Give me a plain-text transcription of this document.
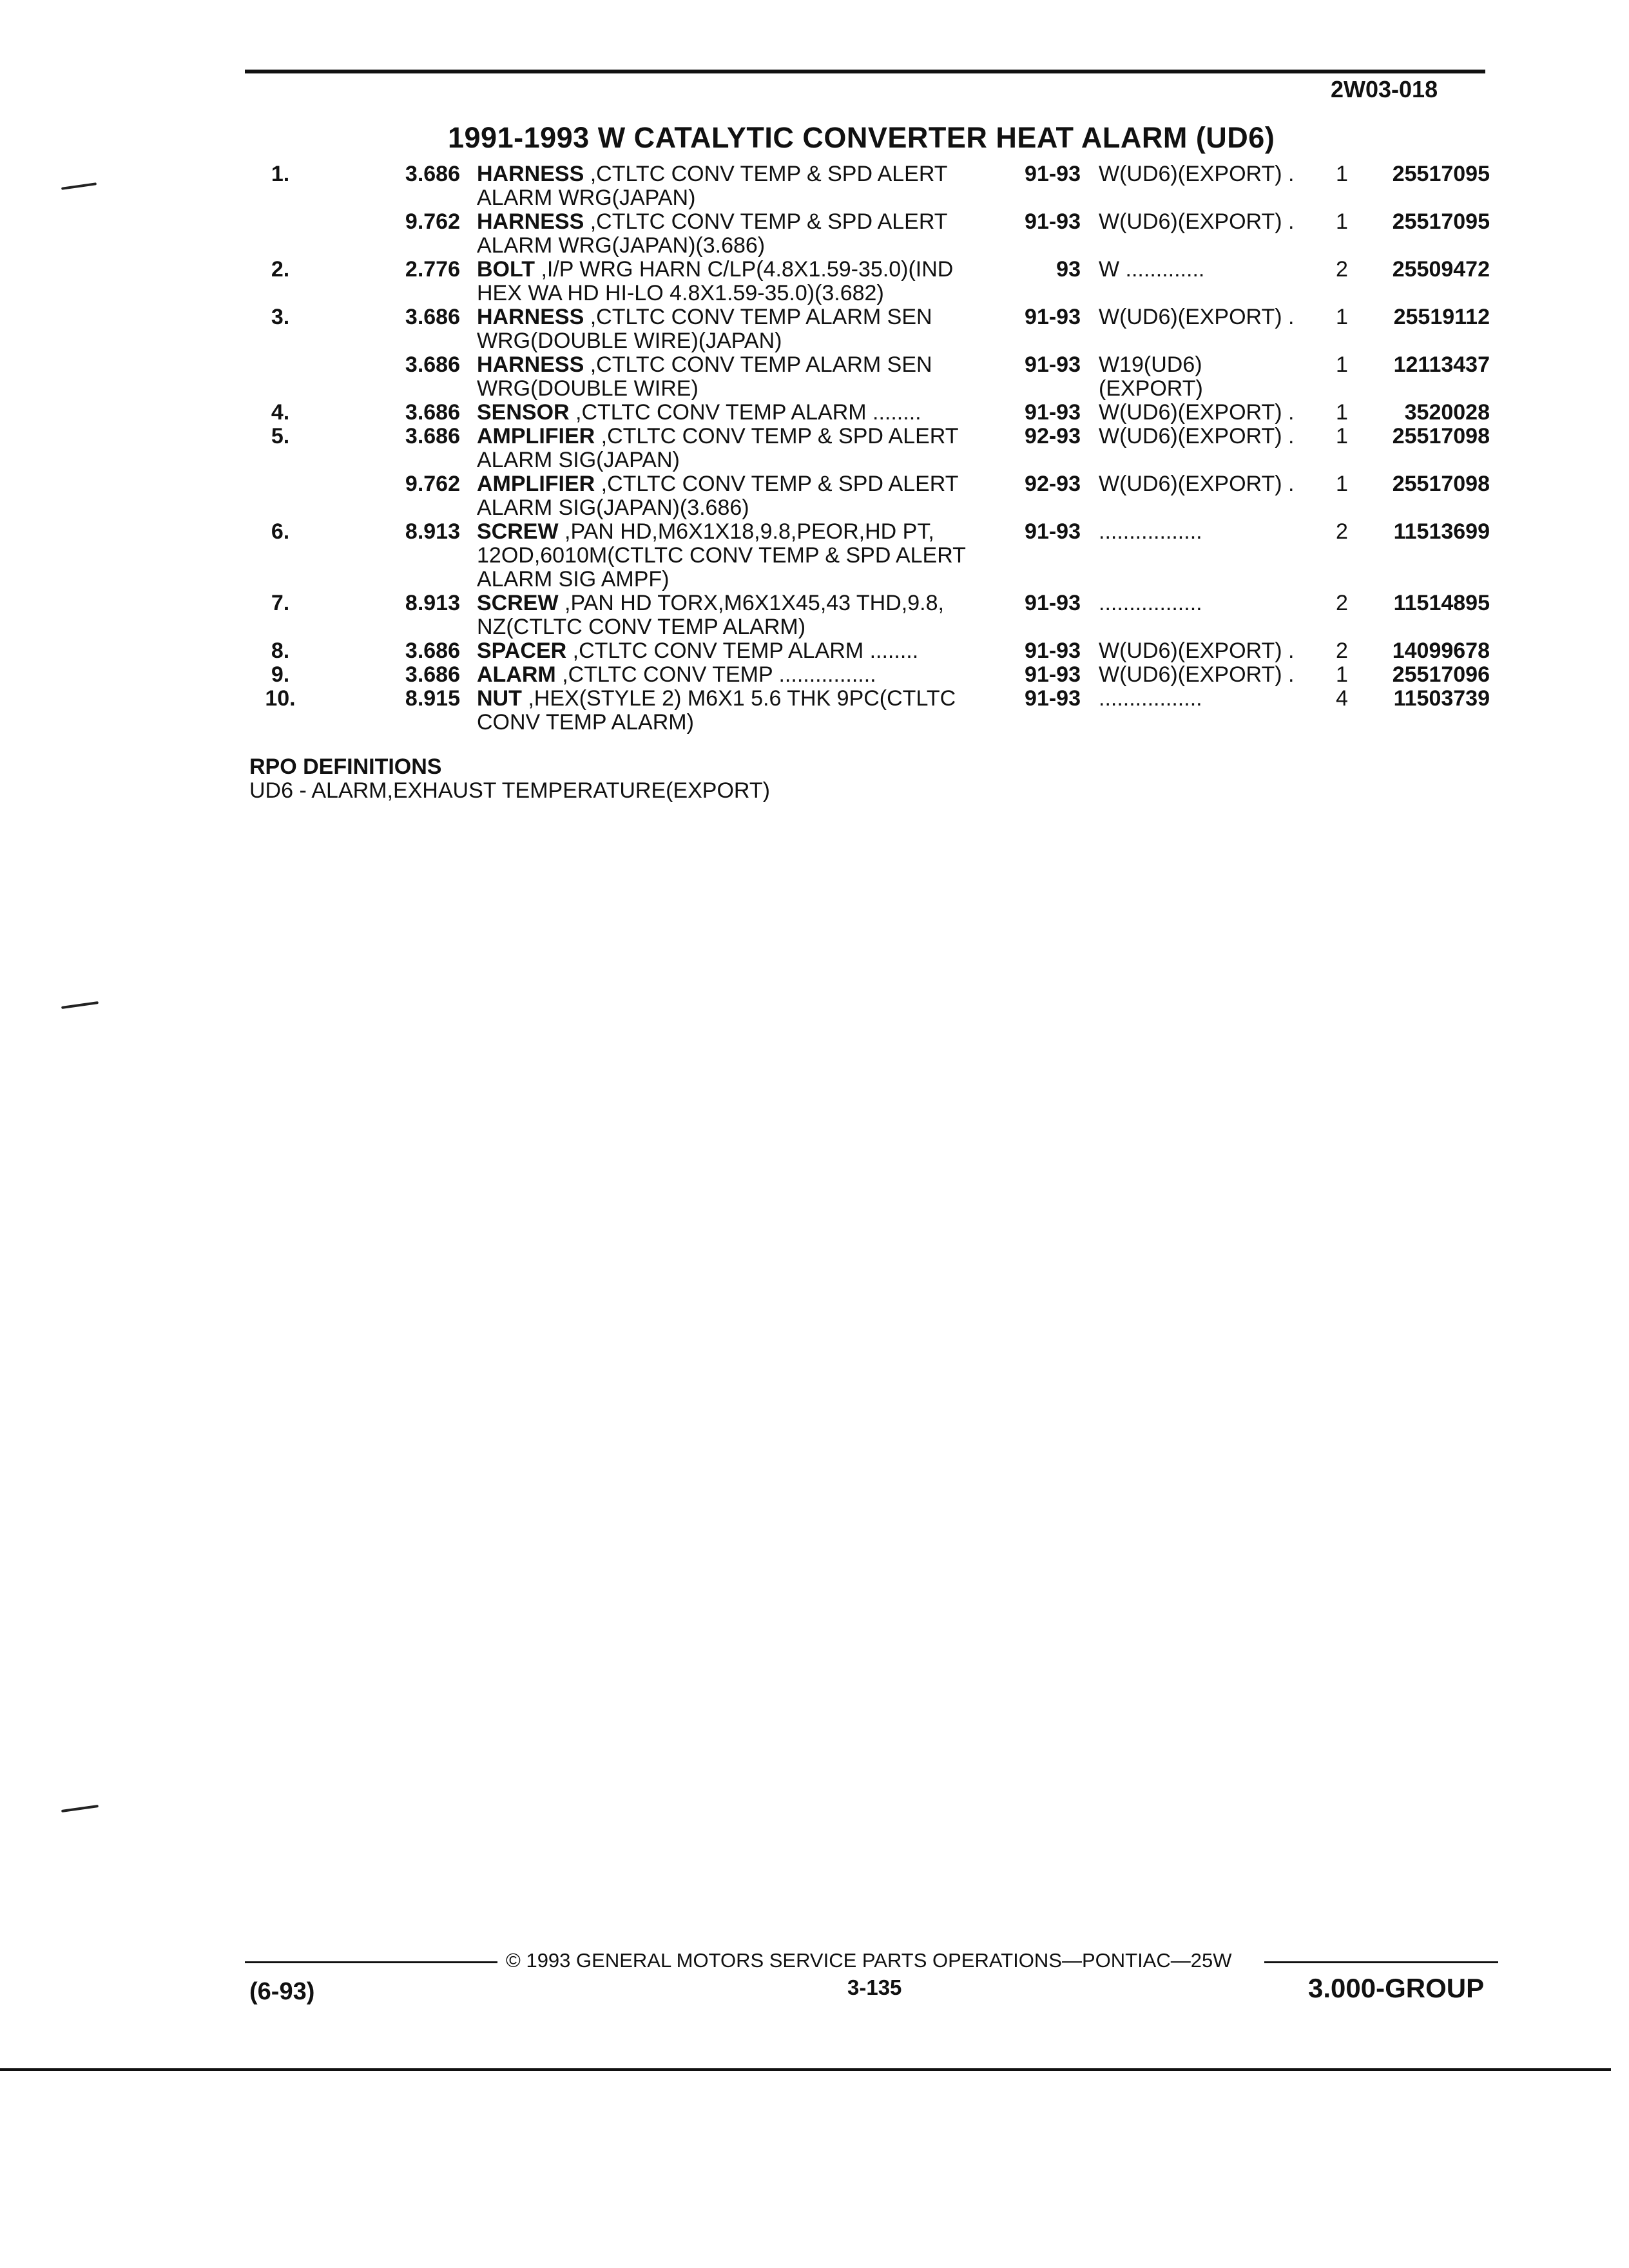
2W03-018
1991-1993 W CATALYTIC CONVERTER HEAT ALARM (UD6)
1.	3.686 HARNESS ,CTLTC CONV TEMP & SPD ALERT
ALARM WRG(JAPAN)
91-93 W(UD6)(EXPORT) .	1	25517095
9.762 HARNESS ,CTLTC CONV TEMP & SPD ALERT
ALARM WRG(JAPAN)(3.686)
91-93 W(UD6)(EXPORT) .	1	25517095
2.	2.776 BOLT ,I/P WRG HARN C/LP(4.8X1.59-35.0)(IND
HEX WA HD HI-LO 4.8X1.59-35.0)(3.682)
93 W .............	2	25509472
3.	3.686 HARNESS ,CTLTC CONV TEMP ALARM SEN
WRG(DOUBLE WIRE)(JAPAN)
91-93 W(UD6)(EXPORT) .	1	25519112
3.686 HARNESS ,CTLTC CONV TEMP ALARM SEN
WRG(DOUBLE WIRE)
91-93 W19(UD6)
(EXPORT)
1	12113437
4.	3.686 SENSOR ,CTLTC CONV TEMP ALARM ........	91-93 W(UD6)(EXPORT) .	1	3520028
5.	3.686 AMPLIFIER ,CTLTC CONV TEMP & SPD ALERT
ALARM SIG(JAPAN)
92-93 W(UD6)(EXPORT) .	1	25517098
9.762 AMPLIFIER ,CTLTC CONV TEMP & SPD ALERT
ALARM SIG(JAPAN)(3.686)
92-93 W(UD6)(EXPORT) .	1	25517098
6.	8.913 SCREW ,PAN HD,M6X1X18,9.8,PEOR,HD PT,
12OD,6010M(CTLTC CONV TEMP & SPD ALERT
ALARM SIG AMPF)
91-93 .................	2	11513699
7.	8.913 SCREW ,PAN HD TORX,M6X1X45,43 THD,9.8,
NZ(CTLTC CONV TEMP ALARM)
91-93 .................	2	11514895
8.	3.686 SPACER ,CTLTC CONV TEMP ALARM ........	91-93 W(UD6)(EXPORT) .	2	14099678
9.	3.686 ALARM ,CTLTC CONV TEMP ................	91-93 W(UD6)(EXPORT) .	1	25517096
10.	8.915 NUT ,HEX(STYLE 2) M6X1 5.6 THK 9PC(CTLTC
CONV TEMP ALARM)
91-93 .................	4	11503739
RPO DEFINITIONS
UD6 - ALARM,EXHAUST TEMPERATURE(EXPORT)
© 1993 GENERAL MOTORS SERVICE PARTS OPERATIONS—PONTIAC—25W
3-135
(6-93)	3.000-GROUP
